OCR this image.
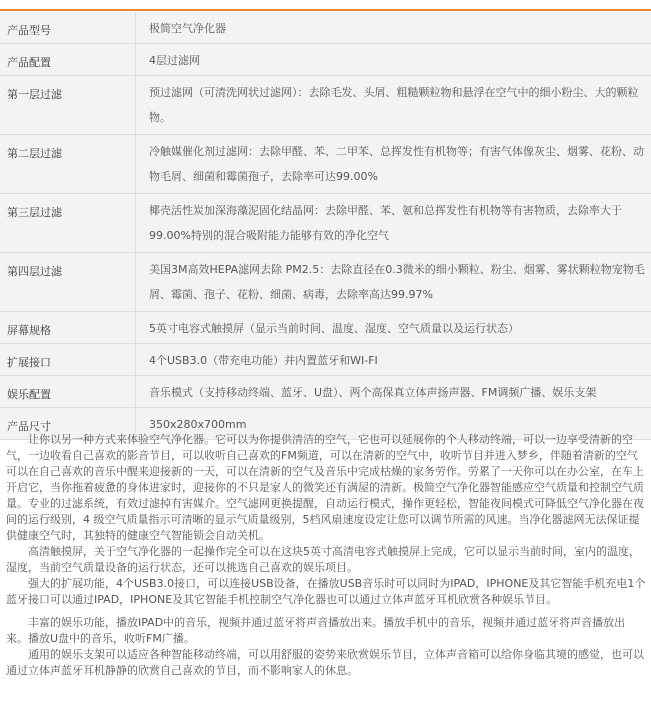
产品型号	极简空气净化器
产品配置	4层过滤网
第一层过滤	预过滤网（可清洗网状过滤网）：去除毛发、头屑、粗糙颗粒物和悬浮在空气中的细小粉尘、大的颗粒物。
第二层过滤	冷触媒催化剂过滤网：去除甲醛、苯、二甲苯、总挥发性有机物等；有害气体像灰尘、烟雾、花粉、动物毛屑、细菌和霉菌孢子，去除率可达99.00%
第三层过滤	椰壳活性炭加深海藻泥固化结晶网：去除甲醛、苯、氨和总挥发性有机物等有害物质，去除率大于99.00%特别的混合吸附能力能够有效的净化空气
第四层过滤	美国3M高效HEPA滤网去除 PM2.5：去除直径在0.3微米的细小颗粒、粉尘、烟雾、雾状颗粒物宠物毛屑、霉菌、孢子、花粉、细菌、病毒，去除率高达99.97%
屏幕规格	5英寸电容式触摸屏（显示当前时间、温度、湿度、空气质量以及运行状态）
扩展接口	4个USB3.0（带充电功能）并内置蓝牙和WI-FI
娱乐配置	音乐模式（支持移动终端、蓝牙、U盘）、两个高保真立体声扬声器、FM调频广播、娱乐支架
产品尺寸	350x280x700mm

让你以另一种方式来体验空气净化器。它可以为你提供清洁的空气，它也可以延展你的个人移动终端，可以一边享受清新的空气，一边收看自己喜欢的影音节目，可以收听自己喜欢的FM频道，可以在清新的空气中，收听节目并进入梦乡，伴随着清新的空气可以在自己喜欢的音乐中醒来迎接新的一天，可以在清新的空气及音乐中完成枯燥的家务劳作。劳累了一天你可以在办公室，在车上开启它，当你拖着疲惫的身体进家时，迎接你的不只是家人的微笑还有满屋的清新。极简空气净化器智能感应空气质量和控制空气质量。专业的过滤系统，有效过滤掉有害媒介。空气滤网更换提醒，自动运行模式，操作更轻松，智能夜间模式可降低空气净化器在夜间的运行级别，4 级空气质量指示可清晰的显示气质量级别，5档风扇速度设定让您可以调节所需的风速。当净化器滤网无法保证提供健康空气时，其独特的健康空气智能锁会自动关机。

高清触摸屏，关于空气净化器的一起操作完全可以在这块5英寸高清电容式触摸屏上完成，它可以显示当前时间，室内的温度，湿度，当前空气质量设备的运行状态，还可以挑选自己喜欢的娱乐项目。

强大的扩展功能，4个USB3.0接口，可以连接USB设备，在播放USB音乐时可以同时为IPAD，IPHONE及其它智能手机充电1个蓝牙接口可以通过IPAD，IPHONE及其它智能手机控制空气净化器也可以通过立体声蓝牙耳机欣赏各种娱乐节目。

丰富的娱乐功能，播放IPAD中的音乐，视频并通过蓝牙将声音播放出来。播放手机中的音乐，视频并通过蓝牙将声音播放出来。播放U盘中的音乐，收听FM广播。

通用的娱乐支架可以适应各种智能移动终端，可以用舒服的姿势来欣赏娱乐节目，立体声音箱可以给你身临其境的感觉，也可以通过立体声蓝牙耳机静静的欣赏自己喜欢的节目，而不影响家人的休息。
